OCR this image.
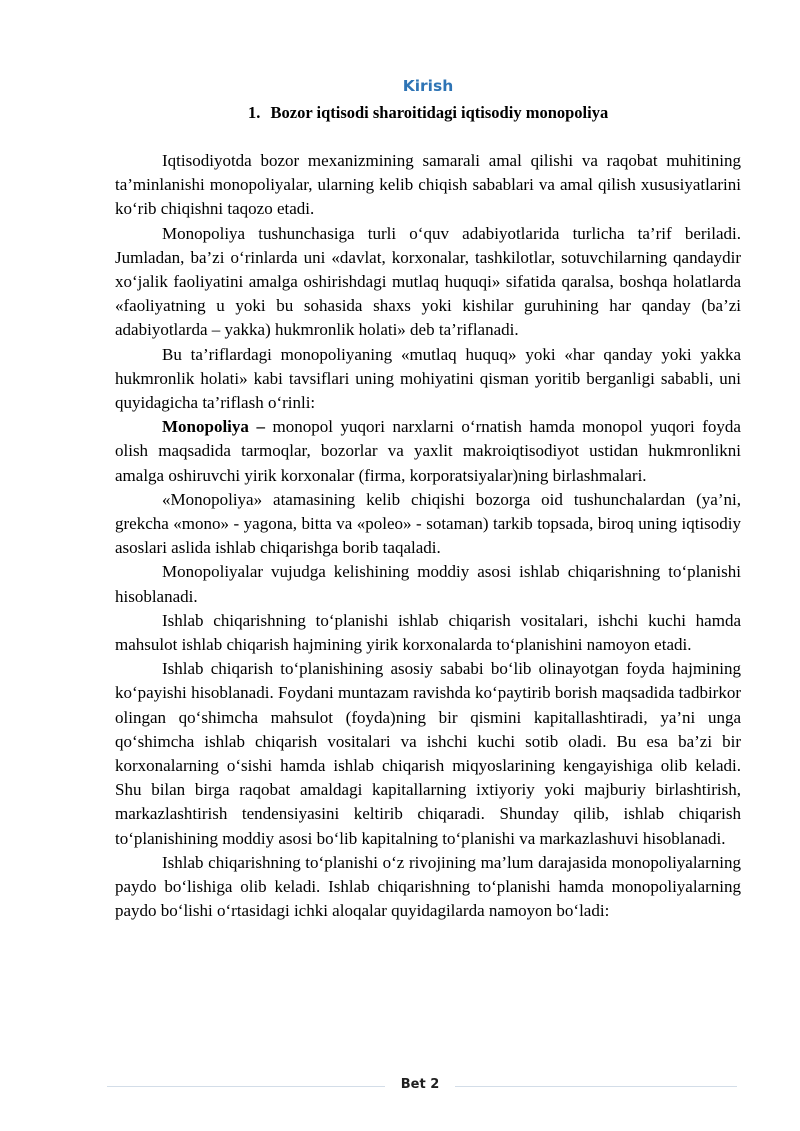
Kirish
1. Bozor iqtisodi sharoitidagi iqtisodiy monopoliya

Iqtisodiyotda bozor mexanizmining samarali amal qilishi va raqobat muhitining ta’minlanishi monopoliyalar, ularning kelib chiqish sabablari va amal qilish xususiyatlarini ko‘rib chiqishni taqozo etadi.

Monopoliya tushunchasiga turli o‘quv adabiyotlarida turlicha ta’rif beriladi. Jumladan, ba’zi o‘rinlarda uni «davlat, korxonalar, tashkilotlar, sotuvchilarning qandaydir xo‘jalik faoliyatini amalga oshirishdagi mutlaq huquqi» sifatida qaralsa, boshqa holatlarda «faoliyatning u yoki bu sohasida shaxs yoki kishilar guruhining har qanday (ba’zi adabiyotlarda – yakka) hukmronlik holati» deb ta’riflanadi.

Bu ta’riflardagi monopoliyaning «mutlaq huquq» yoki «har qanday yoki yakka hukmronlik holati» kabi tavsiflari uning mohiyatini qisman yoritib berganligi sababli, uni quyidagicha ta’riflash o‘rinli:

Monopoliya – monopol yuqori narxlarni o‘rnatish hamda monopol yuqori foyda olish maqsadida tarmoqlar, bozorlar va yaxlit makroiqtisodiyot ustidan hukmronlikni amalga oshiruvchi yirik korxonalar (firma, korporatsiyalar)ning birlashmalari.

«Monopoliya» atamasining kelib chiqishi bozorga oid tushunchalardan (ya’ni, grekcha «mono» - yagona, bitta va «poleo» - sotaman) tarkib topsada, biroq uning iqtisodiy asoslari aslida ishlab chiqarishga borib taqaladi.

Monopoliyalar vujudga kelishining moddiy asosi ishlab chiqarishning to‘planishi hisoblanadi.

Ishlab chiqarishning to‘planishi ishlab chiqarish vositalari, ishchi kuchi hamda mahsulot ishlab chiqarish hajmining yirik korxonalarda to‘planishini namoyon etadi.

Ishlab chiqarish to‘planishining asosiy sababi bo‘lib olinayotgan foyda hajmining ko‘payishi hisoblanadi. Foydani muntazam ravishda ko‘paytirib borish maqsadida tadbirkor olingan qo‘shimcha mahsulot (foyda)ning bir qismini kapitallashtiradi, ya’ni unga qo‘shimcha ishlab chiqarish vositalari va ishchi kuchi sotib oladi. Bu esa ba’zi bir korxonalarning o‘sishi hamda ishlab chiqarish miqyoslarining kengayishiga olib keladi. Shu bilan birga raqobat amaldagi kapitallarning ixtiyoriy yoki majburiy birlashtirish, markazlashtirish tendensiyasini keltirib chiqaradi. Shunday qilib, ishlab chiqarish to‘planishining moddiy asosi bo‘lib kapitalning to‘planishi va markazlashuvi hisoblanadi.

Ishlab chiqarishning to‘planishi o‘z rivojining ma’lum darajasida monopoliyalarning paydo bo‘lishiga olib keladi. Ishlab chiqarishning to‘planishi hamda monopoliyalarning paydo bo‘lishi o‘rtasidagi ichki aloqalar quyidagilarda namoyon bo‘ladi:

Bet 2
